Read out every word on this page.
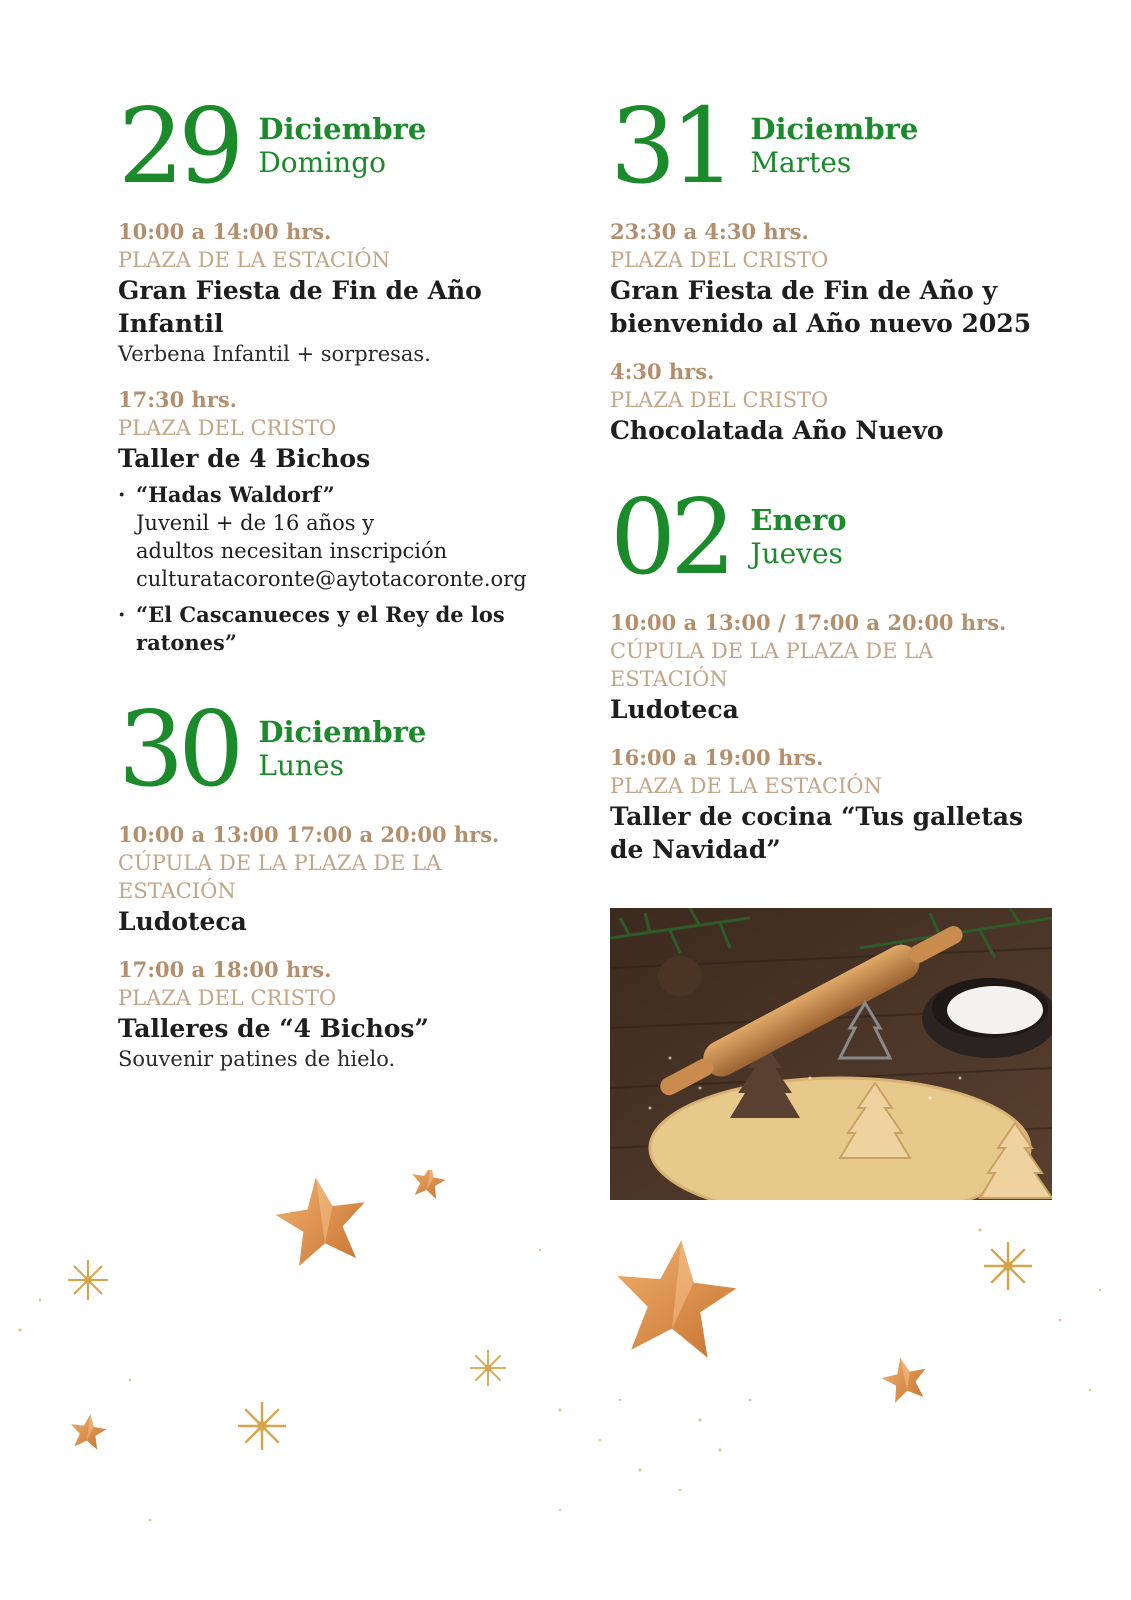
29 Diciembre
Domingo
10:00 a 14:00 hrs.
PLAZA DE LA ESTACIÓN
Gran Fiesta de Fin de Año Infantil
Verbena Infantil + sorpresas.
17:30 hrs.
PLAZA DEL CRISTO
Taller de 4 Bichos
· “Hadas Waldorf”
Juvenil + de 16 años y
adultos necesitan inscripción
culturatacoronte@aytotacoronte.org
· “El Cascanueces y el Rey de los ratones”
30 Diciembre
Lunes
10:00 a 13:00 17:00 a 20:00 hrs.
CÚPULA DE LA PLAZA DE LA ESTACIÓN
Ludoteca
17:00 a 18:00 hrs.
PLAZA DEL CRISTO
Talleres de “4 Bichos”
Souvenir patines de hielo.
31 Diciembre
Martes
23:30 a 4:30 hrs.
PLAZA DEL CRISTO
Gran Fiesta de Fin de Año y bienvenido al Año nuevo 2025
4:30 hrs.
PLAZA DEL CRISTO
Chocolatada Año Nuevo
02 Enero
Jueves
10:00 a 13:00 / 17:00 a 20:00 hrs.
CÚPULA DE LA PLAZA DE LA ESTACIÓN
Ludoteca
16:00 a 19:00 hrs.
PLAZA DE LA ESTACIÓN
Taller de cocina “Tus galletas de Navidad”
